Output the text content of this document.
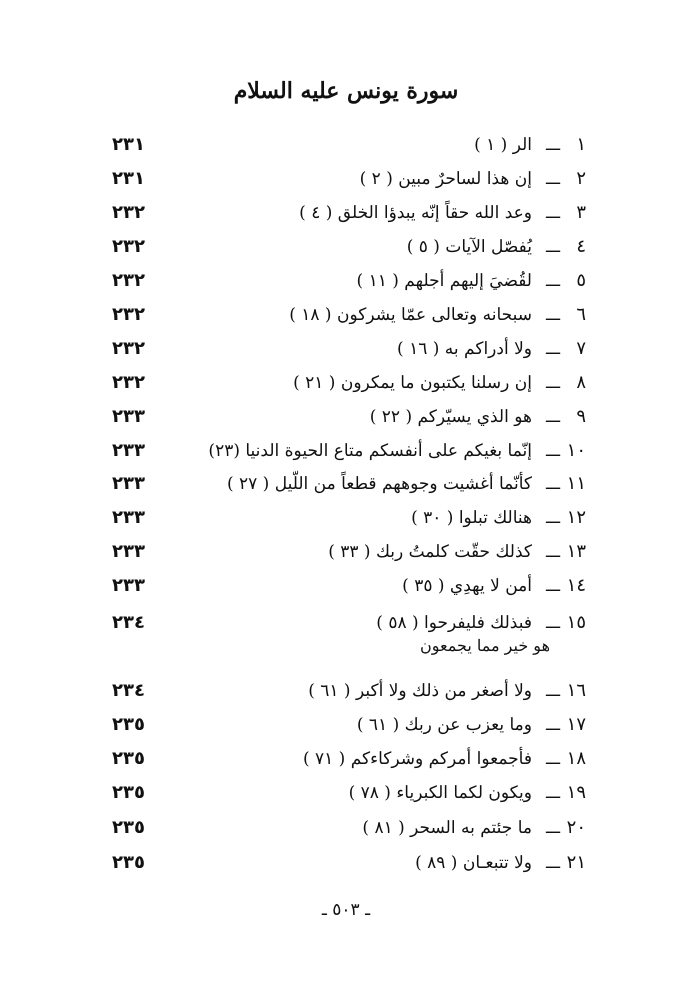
سورة يونس عليه السلام
١
ـــ
الر ( ١ )
٢٣١
٢
ـــ
إن هذا لساحرٌ مبين ( ٢ )
٢٣١
٣
ـــ
وعد الله حقاً إنّه يبدؤا الخلق ( ٤ )
٢٣٢
٤
ـــ
يُفصّل الآيات ( ٥ )
٢٣٢
٥
ـــ
لقُضيَ إليهم أجلهم ( ١١ )
٢٣٢
٦
ـــ
سبحانه وتعالى عمّا يشركون ( ١٨ )
٢٣٢
٧
ـــ
ولا أدراكم به ( ١٦ )
٢٣٢
٨
ـــ
إن رسلنا يكتبون ما يمكرون ( ٢١ )
٢٣٢
٩
ـــ
هو الذي يسيّركم ( ٢٢ )
٢٣٣
١٠
ـــ
إنّما بغيكم على أنفسكم متاع الحيوة الدنيا (٢٣)
٢٣٣
١١
ـــ
كأنّما أغشيت وجوههم قطعاً من اللّيل ( ٢٧ )
٢٣٣
١٢
ـــ
هنالك تبلوا ( ٣٠ )
٢٣٣
١٣
ـــ
كذلك حقّت كلمتُ ربك ( ٣٣ )
٢٣٣
١٤
ـــ
أمن لا يهدِي ( ٣٥ )
٢٣٣
١٥
ـــ
فبذلك فليفرحوا ( ٥٨ )
٢٣٤
١٦
ـــ
ولا أصغر من ذلك ولا أكبر ( ٦١ )
٢٣٤
١٧
ـــ
وما يعزب عن ربك ( ٦١ )
٢٣٥
١٨
ـــ
فأجمعوا أمركم وشركاءكم ( ٧١ )
٢٣٥
١٩
ـــ
ويكون لكما الكبرياء ( ٧٨ )
٢٣٥
٢٠
ـــ
ما جئتم به السحر ( ٨١ )
٢٣٥
٢١
ـــ
ولا تتبعـان ( ٨٩ )
٢٣٥
هو خير مما يجمعون
ـ ٥٠٣ ـ
